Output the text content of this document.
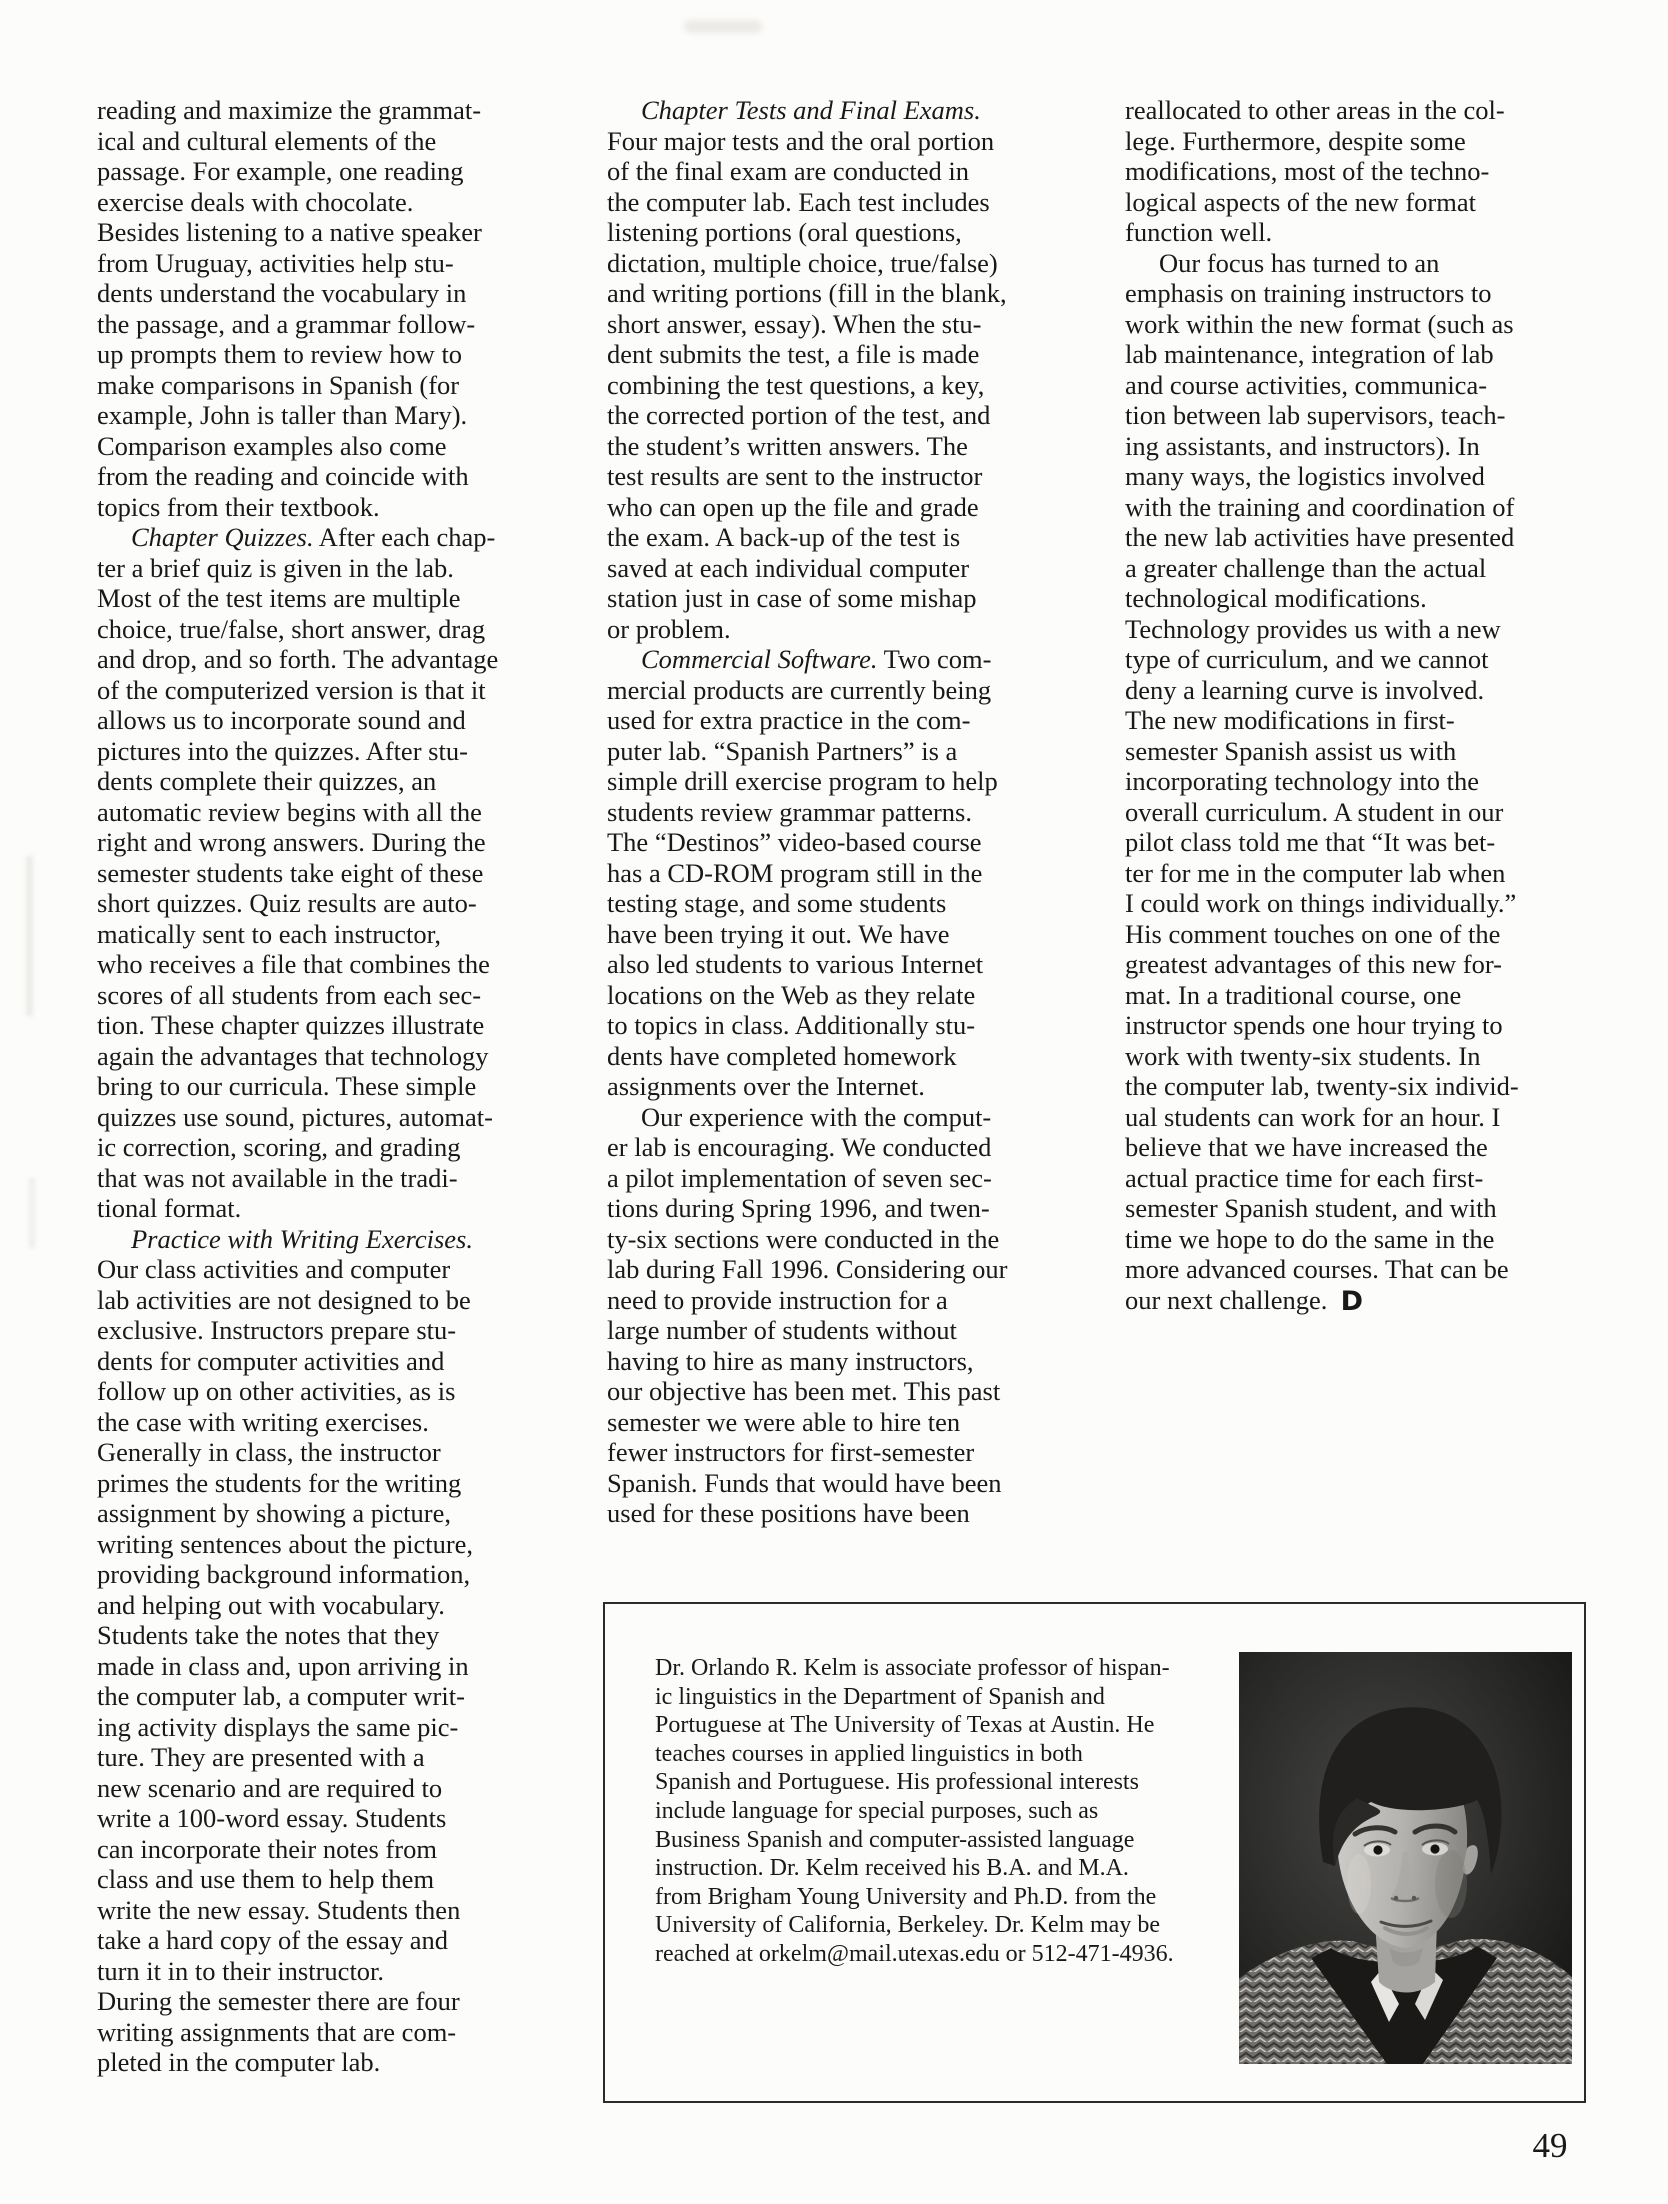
reading and maximize the grammat-
ical and cultural elements of the
passage. For example, one reading
exercise deals with chocolate.
Besides listening to a native speaker
from Uruguay, activities help stu-
dents understand the vocabulary in
the passage, and a grammar follow-
up prompts them to review how to
make comparisons in Spanish (for
example, John is taller than Mary).
Comparison examples also come
from the reading and coincide with
topics from their textbook.
Chapter Quizzes. After each chap-
ter a brief quiz is given in the lab.
Most of the test items are multiple
choice, true/false, short answer, drag
and drop, and so forth. The advantage
of the computerized version is that it
allows us to incorporate sound and
pictures into the quizzes. After stu-
dents complete their quizzes, an
automatic review begins with all the
right and wrong answers. During the
semester students take eight of these
short quizzes. Quiz results are auto-
matically sent to each instructor,
who receives a file that combines the
scores of all students from each sec-
tion. These chapter quizzes illustrate
again the advantages that technology
bring to our curricula. These simple
quizzes use sound, pictures, automat-
ic correction, scoring, and grading
that was not available in the tradi-
tional format.
Practice with Writing Exercises.
Our class activities and computer
lab activities are not designed to be
exclusive. Instructors prepare stu-
dents for computer activities and
follow up on other activities, as is
the case with writing exercises.
Generally in class, the instructor
primes the students for the writing
assignment by showing a picture,
writing sentences about the picture,
providing background information,
and helping out with vocabulary.
Students take the notes that they
made in class and, upon arriving in
the computer lab, a computer writ-
ing activity displays the same pic-
ture. They are presented with a
new scenario and are required to
write a 100-word essay. Students
can incorporate their notes from
class and use them to help them
write the new essay. Students then
take a hard copy of the essay and
turn it in to their instructor.
During the semester there are four
writing assignments that are com-
pleted in the computer lab.
Chapter Tests and Final Exams.
Four major tests and the oral portion
of the final exam are conducted in
the computer lab. Each test includes
listening portions (oral questions,
dictation, multiple choice, true/false)
and writing portions (fill in the blank,
short answer, essay). When the stu-
dent submits the test, a file is made
combining the test questions, a key,
the corrected portion of the test, and
the student’s written answers. The
test results are sent to the instructor
who can open up the file and grade
the exam. A back-up of the test is
saved at each individual computer
station just in case of some mishap
or problem.
Commercial Software. Two com-
mercial products are currently being
used for extra practice in the com-
puter lab. “Spanish Partners” is a
simple drill exercise program to help
students review grammar patterns.
The “Destinos” video-based course
has a CD-ROM program still in the
testing stage, and some students
have been trying it out. We have
also led students to various Internet
locations on the Web as they relate
to topics in class. Additionally stu-
dents have completed homework
assignments over the Internet.
Our experience with the comput-
er lab is encouraging. We conducted
a pilot implementation of seven sec-
tions during Spring 1996, and twen-
ty-six sections were conducted in the
lab during Fall 1996. Considering our
need to provide instruction for a
large number of students without
having to hire as many instructors,
our objective has been met. This past
semester we were able to hire ten
fewer instructors for first-semester
Spanish. Funds that would have been
used for these positions have been
reallocated to other areas in the col-
lege. Furthermore, despite some
modifications, most of the techno-
logical aspects of the new format
function well.
Our focus has turned to an
emphasis on training instructors to
work within the new format (such as
lab maintenance, integration of lab
and course activities, communica-
tion between lab supervisors, teach-
ing assistants, and instructors). In
many ways, the logistics involved
with the training and coordination of
the new lab activities have presented
a greater challenge than the actual
technological modifications.
Technology provides us with a new
type of curriculum, and we cannot
deny a learning curve is involved.
The new modifications in first-
semester Spanish assist us with
incorporating technology into the
overall curriculum. A student in our
pilot class told me that “It was bet-
ter for me in the computer lab when
I could work on things individually.”
His comment touches on one of the
greatest advantages of this new for-
mat. In a traditional course, one
instructor spends one hour trying to
work with twenty-six students. In
the computer lab, twenty-six individ-
ual students can work for an hour. I
believe that we have increased the
actual practice time for each first-
semester Spanish student, and with
time we hope to do the same in the
more advanced courses. That can be
our next challenge.  D
Dr. Orlando R. Kelm is associate professor of hispan-
ic linguistics in the Department of Spanish and
Portuguese at The University of Texas at Austin. He
teaches courses in applied linguistics in both
Spanish and Portuguese. His professional interests
include language for special purposes, such as
Business Spanish and computer-assisted language
instruction. Dr. Kelm received his B.A. and M.A.
from Brigham Young University and Ph.D. from the
University of California, Berkeley. Dr. Kelm may be
reached at orkelm@mail.utexas.edu or 512-471-4936.
49
